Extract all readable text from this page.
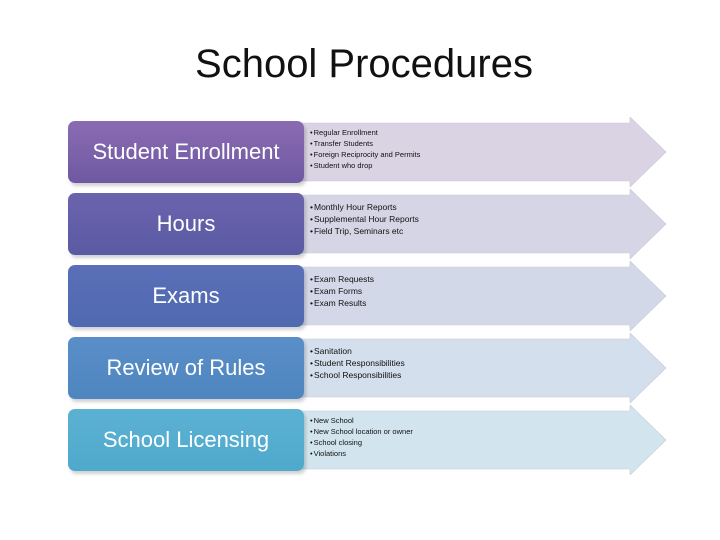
School Procedures
Student Enrollment
• Regular Enrollment
• Transfer Students
• Foreign Reciprocity and Permits
• Student who drop
Hours
• Monthly Hour Reports
• Supplemental Hour Reports
• Field Trip, Seminars etc
Exams
• Exam Requests
• Exam Forms
• Exam Results
Review of Rules
• Sanitation
• Student Responsibilities
• School Responsibilities
School Licensing
• New School
• New School location or owner
• School closing
• Violations
